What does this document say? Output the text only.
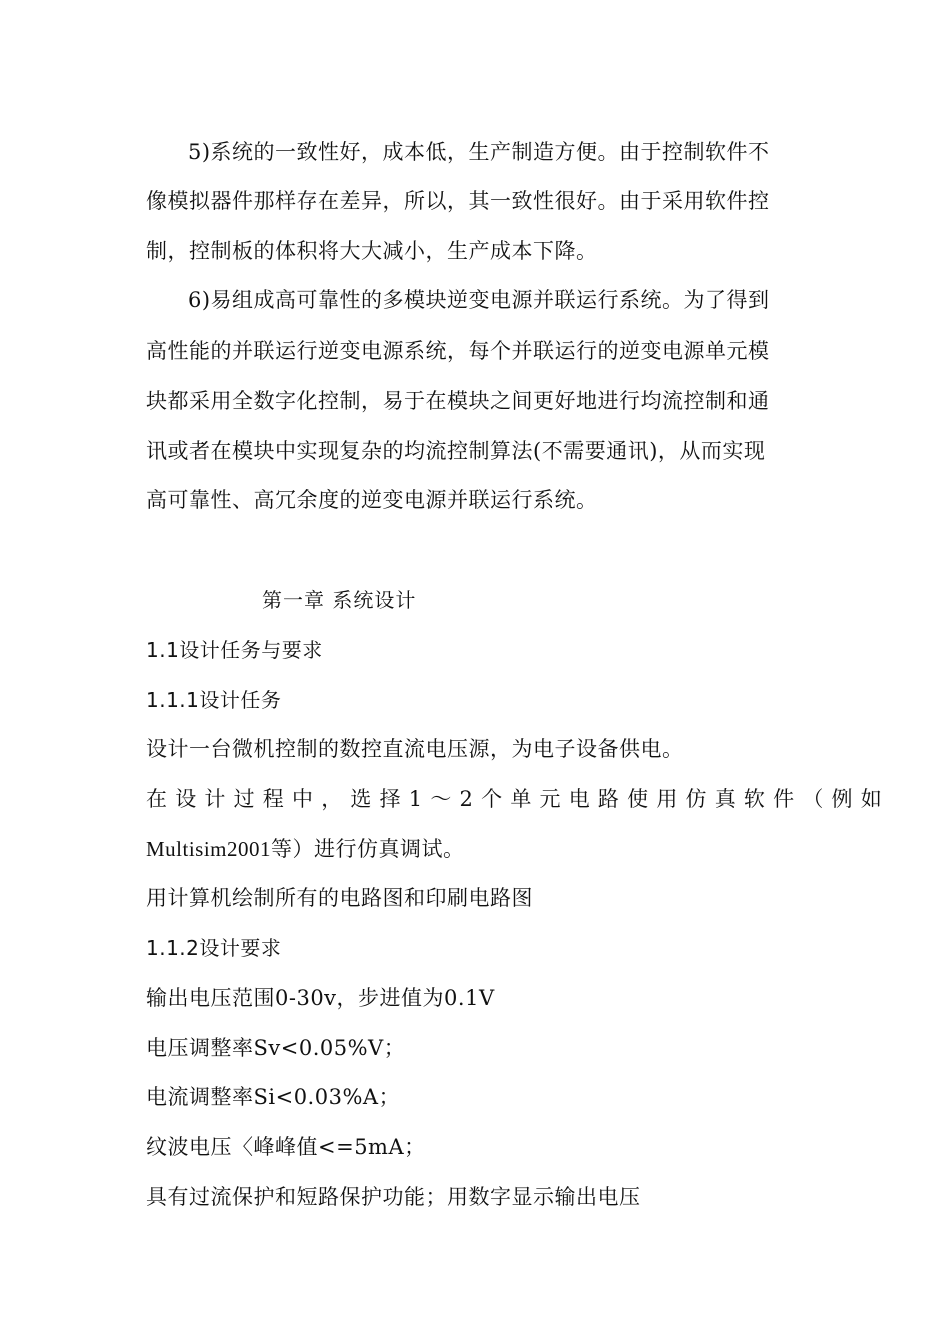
5)系统的一致性好，成本低，生产制造方便。由于控制软件不
像模拟器件那样存在差异，所以，其一致性很好。由于采用软件控
制，控制板的体积将大大减小，生产成本下降。
6)易组成高可靠性的多模块逆变电源并联运行系统。为了得到
高性能的并联运行逆变电源系统，每个并联运行的逆变电源单元模
块都采用全数字化控制，易于在模块之间更好地进行均流控制和通
讯或者在模块中实现复杂的均流控制算法(不需要通讯)，从而实现
高可靠性、高冗余度的逆变电源并联运行系统。
第一章 系统设计
1.1设计任务与要求
1.1.1设计任务
设计一台微机控制的数控直流电压源，为电子设备供电。
在设计过程中，选择1～2个单元电路使用仿真软件（例如
Multisim2001等）进行仿真调试。
用计算机绘制所有的电路图和印刷电路图
1.1.2设计要求
输出电压范围0-30v，步进值为0.1V
电压调整率Sv<0.05%V；
电流调整率Si<0.03%A；
纹波电压〈峰峰值<=5mA；
具有过流保护和短路保护功能；用数字显示输出电压
